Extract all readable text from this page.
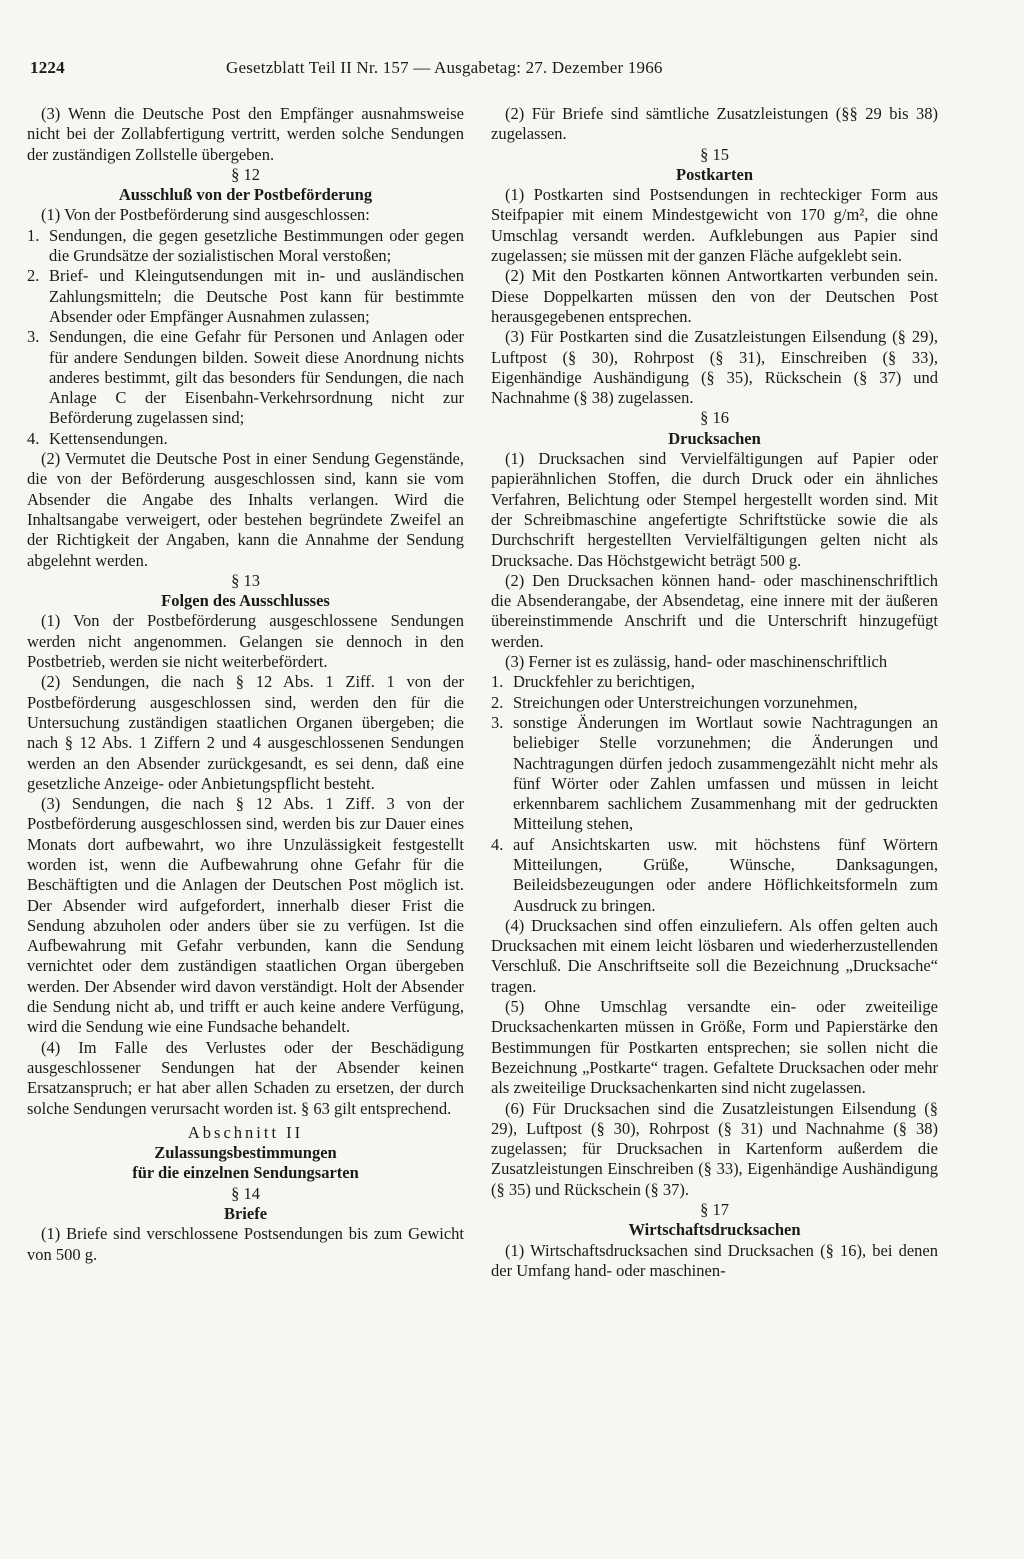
1224	Gesetzblatt Teil II Nr. 157 — Ausgabetag: 27. Dezember 1966

(3) Wenn die Deutsche Post den Empfänger ausnahmsweise nicht bei der Zollabfertigung vertritt, werden solche Sendungen der zuständigen Zollstelle übergeben.

§ 12

Ausschluß von der Postbeförderung

(1) Von der Postbeförderung sind ausgeschlossen:

1. Sendungen, die gegen gesetzliche Bestimmungen oder gegen die Grundsätze der sozialistischen Moral verstoßen;
2. Brief- und Kleingutsendungen mit in- und ausländischen Zahlungsmitteln; die Deutsche Post kann für bestimmte Absender oder Empfänger Ausnahmen zulassen;
3. Sendungen, die eine Gefahr für Personen und Anlagen oder für andere Sendungen bilden. Soweit diese Anordnung nichts anderes bestimmt, gilt das besonders für Sendungen, die nach Anlage C der Eisenbahn-Verkehrsordnung nicht zur Beförderung zugelassen sind;
4. Kettensendungen.

(2) Vermutet die Deutsche Post in einer Sendung Gegenstände, die von der Beförderung ausgeschlossen sind, kann sie vom Absender die Angabe des Inhalts verlangen. Wird die Inhaltsangabe verweigert, oder bestehen begründete Zweifel an der Richtigkeit der Angaben, kann die Annahme der Sendung abgelehnt werden.

§ 13

Folgen des Ausschlusses

(1) Von der Postbeförderung ausgeschlossene Sendungen werden nicht angenommen. Gelangen sie dennoch in den Postbetrieb, werden sie nicht weiterbefördert.

(2) Sendungen, die nach § 12 Abs. 1 Ziff. 1 von der Postbeförderung ausgeschlossen sind, werden den für die Untersuchung zuständigen staatlichen Organen übergeben; die nach § 12 Abs. 1 Ziffern 2 und 4 ausgeschlossenen Sendungen werden an den Absender zurückgesandt, es sei denn, daß eine gesetzliche Anzeige- oder Anbietungspflicht besteht.

(3) Sendungen, die nach § 12 Abs. 1 Ziff. 3 von der Postbeförderung ausgeschlossen sind, werden bis zur Dauer eines Monats dort aufbewahrt, wo ihre Unzulässigkeit festgestellt worden ist, wenn die Aufbewahrung ohne Gefahr für die Beschäftigten und die Anlagen der Deutschen Post möglich ist. Der Absender wird aufgefordert, innerhalb dieser Frist die Sendung abzuholen oder anders über sie zu verfügen. Ist die Aufbewahrung mit Gefahr verbunden, kann die Sendung vernichtet oder dem zuständigen staatlichen Organ übergeben werden. Der Absender wird davon verständigt. Holt der Absender die Sendung nicht ab, und trifft er auch keine andere Verfügung, wird die Sendung wie eine Fundsache behandelt.

(4) Im Falle des Verlustes oder der Beschädigung ausgeschlossener Sendungen hat der Absender keinen Ersatzanspruch; er hat aber allen Schaden zu ersetzen, der durch solche Sendungen verursacht worden ist. § 63 gilt entsprechend.

Abschnitt II

Zulassungsbestimmungen

für die einzelnen Sendungsarten

§ 14

Briefe

(1) Briefe sind verschlossene Postsendungen bis zum Gewicht von 500 g.

(2) Für Briefe sind sämtliche Zusatzleistungen (§§ 29 bis 38) zugelassen.

§ 15

Postkarten

(1) Postkarten sind Postsendungen in rechteckiger Form aus Steifpapier mit einem Mindestgewicht von 170 g/m², die ohne Umschlag versandt werden. Aufklebungen aus Papier sind zugelassen; sie müssen mit der ganzen Fläche aufgeklebt sein.

(2) Mit den Postkarten können Antwortkarten verbunden sein. Diese Doppelkarten müssen den von der Deutschen Post herausgegebenen entsprechen.

(3) Für Postkarten sind die Zusatzleistungen Eilsendung (§ 29), Luftpost (§ 30), Rohrpost (§ 31), Einschreiben (§ 33), Eigenhändige Aushändigung (§ 35), Rückschein (§ 37) und Nachnahme (§ 38) zugelassen.

§ 16

Drucksachen

(1) Drucksachen sind Vervielfältigungen auf Papier oder papierähnlichen Stoffen, die durch Druck oder ein ähnliches Verfahren, Belichtung oder Stempel hergestellt worden sind. Mit der Schreibmaschine angefertigte Schriftstücke sowie die als Durchschrift hergestellten Vervielfältigungen gelten nicht als Drucksache. Das Höchstgewicht beträgt 500 g.

(2) Den Drucksachen können hand- oder maschinenschriftlich die Absenderangabe, der Absendetag, eine innere mit der äußeren übereinstimmende Anschrift und die Unterschrift hinzugefügt werden.

(3) Ferner ist es zulässig, hand- oder maschinenschriftlich

1. Druckfehler zu berichtigen,
2. Streichungen oder Unterstreichungen vorzunehmen,
3. sonstige Änderungen im Wortlaut sowie Nachtragungen an beliebiger Stelle vorzunehmen; die Änderungen und Nachtragungen dürfen jedoch zusammengezählt nicht mehr als fünf Wörter oder Zahlen umfassen und müssen in leicht erkennbarem sachlichem Zusammenhang mit der gedruckten Mitteilung stehen,
4. auf Ansichtskarten usw. mit höchstens fünf Wörtern Mitteilungen, Grüße, Wünsche, Danksagungen, Beileidsbezeugungen oder andere Höflichkeitsformeln zum Ausdruck zu bringen.

(4) Drucksachen sind offen einzuliefern. Als offen gelten auch Drucksachen mit einem leicht lösbaren und wiederherzustellenden Verschluß. Die Anschriftseite soll die Bezeichnung „Drucksache“ tragen.

(5) Ohne Umschlag versandte ein- oder zweiteilige Drucksachenkarten müssen in Größe, Form und Papierstärke den Bestimmungen für Postkarten entsprechen; sie sollen nicht die Bezeichnung „Postkarte“ tragen. Gefaltete Drucksachen oder mehr als zweiteilige Drucksachenkarten sind nicht zugelassen.

(6) Für Drucksachen sind die Zusatzleistungen Eilsendung (§ 29), Luftpost (§ 30), Rohrpost (§ 31) und Nachnahme (§ 38) zugelassen; für Drucksachen in Kartenform außerdem die Zusatzleistungen Einschreiben (§ 33), Eigenhändige Aushändigung (§ 35) und Rückschein (§ 37).

§ 17

Wirtschaftsdrucksachen

(1) Wirtschaftsdrucksachen sind Drucksachen (§ 16), bei denen der Umfang hand- oder maschinen-
